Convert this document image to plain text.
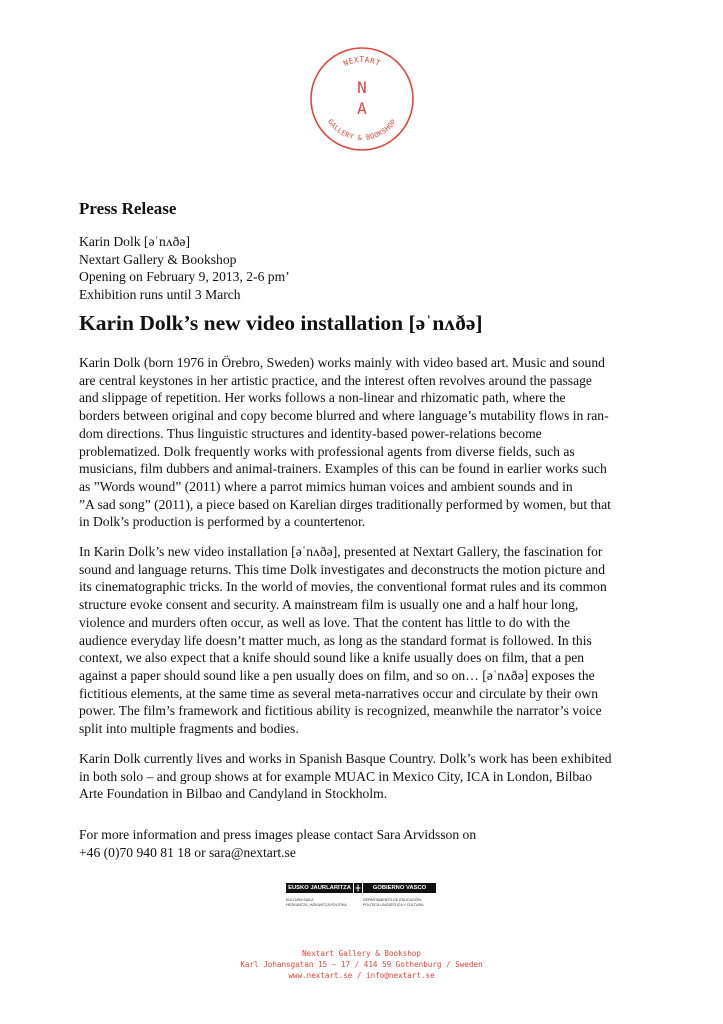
NEXTART
GALLERY & BOOKSHOP
N
A
Press Release
Karin Dolk [əˈnʌðə]
Nextart Gallery & Bookshop
Opening on February 9, 2013, 2-6 pm’
Exhibition runs until 3 March
Karin Dolk’s new video installation [əˈnʌðə]
Karin Dolk (born 1976 in Örebro, Sweden) works mainly with video based art. Music and sound
are central keystones in her artistic practice, and the interest often revolves around the passage
and slippage of repetition. Her works follows a non-linear and rhizomatic path, where the
borders between original and copy become blurred and where language’s mutability flows in ran-
dom directions. Thus linguistic structures and identity-based power-relations become
problematized. Dolk frequently works with professional agents from diverse fields, such as
musicians, film dubbers and animal-trainers. Examples of this can be found in earlier works such
as ”Words wound” (2011) where a parrot mimics human voices and ambient sounds and in
”A sad song” (2011), a piece based on Karelian dirges traditionally performed by women, but that
in Dolk’s production is performed by a countertenor.
In Karin Dolk’s new video installation [əˈnʌðə], presented at Nextart Gallery, the fascination for
sound and language returns. This time Dolk investigates and deconstructs the motion picture and
its cinematographic tricks. In the world of movies, the conventional format rules and its common
structure evoke consent and security. A mainstream film is usually one and a half hour long,
violence and murders often occur, as well as love. That the content has little to do with the
audience everyday life doesn’t matter much, as long as the standard format is followed. In this
context, we also expect that a knife should sound like a knife usually does on film, that a pen
against a paper should sound like a pen usually does on film, and so on… [əˈnʌðə] exposes the
fictitious elements, at the same time as several meta-narratives occur and circulate by their own
power. The film’s framework and fictitious ability is recognized, meanwhile the narrator’s voice
split into multiple fragments and bodies.
Karin Dolk currently lives and works in Spanish Basque Country. Dolk’s work has been exhibited
in both solo – and group shows at for example MUAC in Mexico City, ICA in London, Bilbao
Arte Foundation in Bilbao and Candyland in Stockholm.
For more information and press images please contact Sara Arvidsson on
+46 (0)70 940 81 18 or sara@nextart.se
EUSKO JAURLARITZA	GOBIERNO VASCO
KULTURA SAILA
HEZKUNTZA, HIZKUNTZA POLITIKA
DEPARTAMENTO DE EDUCACIÓN,
POLÍTICA LINGÜÍSTICA Y CULTURA
Nextart Gallery & Bookshop
Karl Johansgatan 15 – 17 / 414 59 Gothenburg / Sweden
www.nextart.se / info@nextart.se
